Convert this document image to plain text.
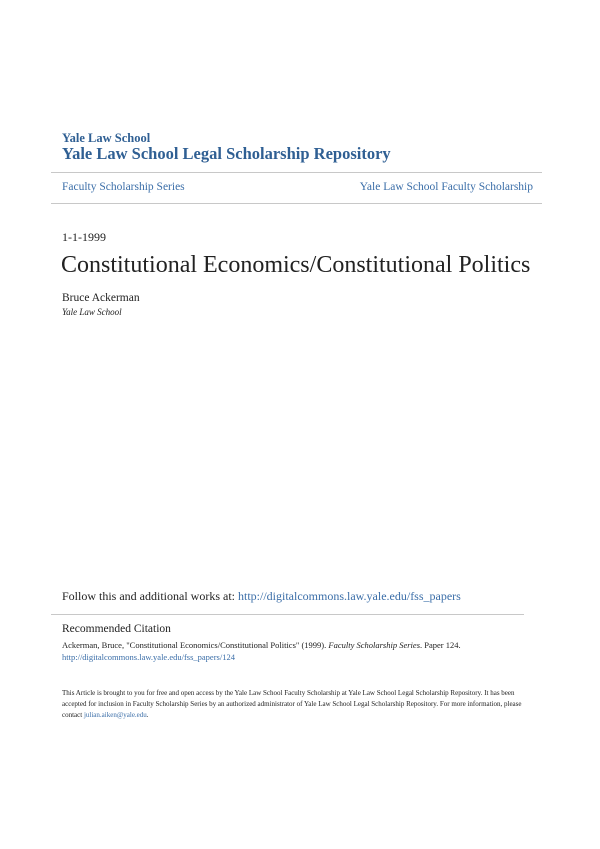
Yale Law School
Yale Law School Legal Scholarship Repository
Faculty Scholarship Series	Yale Law School Faculty Scholarship
1-1-1999
Constitutional Economics/Constitutional Politics
Bruce Ackerman
Yale Law School
Follow this and additional works at: http://digitalcommons.law.yale.edu/fss_papers
Recommended Citation
Ackerman, Bruce, "Constitutional Economics/Constitutional Politics" (1999). Faculty Scholarship Series. Paper 124.
http://digitalcommons.law.yale.edu/fss_papers/124
This Article is brought to you for free and open access by the Yale Law School Faculty Scholarship at Yale Law School Legal Scholarship Repository. It has been accepted for inclusion in Faculty Scholarship Series by an authorized administrator of Yale Law School Legal Scholarship Repository. For more information, please contact julian.aiken@yale.edu.
